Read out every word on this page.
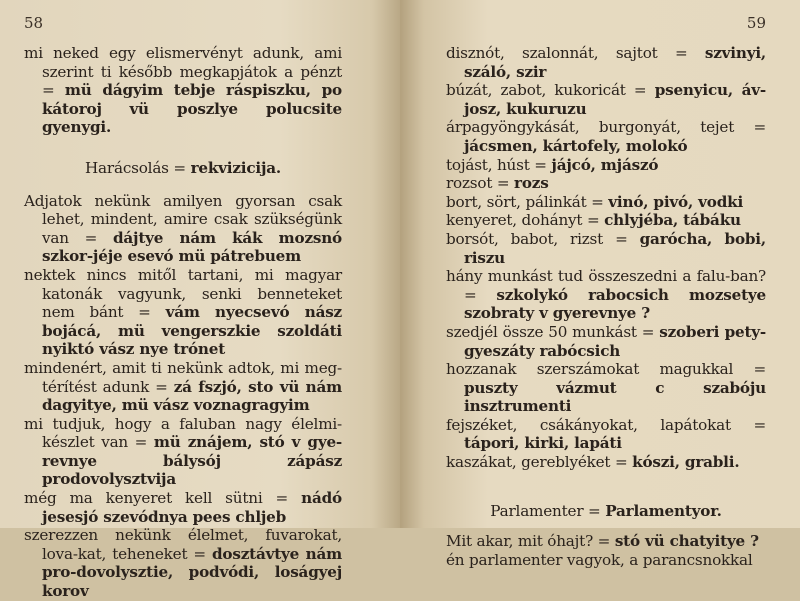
58
mi neked egy elismervényt adunk, ami szerint ti később megkapjátok a pénzt = mü dágyim tebje ráspiszku, po kátoroj vü poszlye polucsite gyenygi.
Harácsolás = rekvizicija.
Adjatok nekünk amilyen gyorsan csak lehet, mindent, amire csak szükségünk van = dájtye nám kák mozsnó szkor-jéje esevó mü pátrebuem
nektek nincs mitől tartani, mi magyar katonák vagyunk, senki benneteket nem bánt = vám nyecsevó nász bojácá, mü vengerszkie szoldáti nyiktó vász nye trónet
mindenért, amit ti nekünk adtok, mi meg-térítést adunk = zá fszjó, sto vü nám dagyitye, mü vász voznagragyim
mi tudjuk, hogy a faluban nagy élelmi-készlet van = mü znájem, stó v gye-revnye bálysój zápász prodovolysztvija
még ma kenyeret kell sütni = nádó jesesjó szevódnya pees chljeb
szerezzen nekünk élelmet, fuvarokat, lova-kat, teheneket = dosztávtye nám pro-dovolysztie, podvódi, loságyej korov
59
disznót, szalonnát, sajtot = szvinyi, száló, szir
búzát, zabot, kukoricát = psenyicu, áv-josz, kukuruzu
árpagyöngykását, burgonyát, tejet = jácsmen, kártofely, molokó
tojást, húst = jájcó, mjászó
rozsot = rozs
bort, sört, pálinkát = vinó, pivó, vodki
kenyeret, dohányt = chlyjéba, tábáku
borsót, babot, rizst = garócha, bobi, riszu
hány munkást tud összeszedni a falu-ban? = szkolykó rabocsich mozsetye szobraty v gyerevnye ?
szedjél össze 50 munkást = szoberi pety-gyeszáty rabócsich
hozzanak szerszámokat magukkal = puszty vázmut c szabóju insztrumenti
fejszéket, csákányokat, lapátokat = tápori, kirki, lapáti
kaszákat, gereblyéket = kószi, grabli.
Parlamenter = Parlamentyor.
Mit akar, mit óhajt? = stó vü chatyitye ?
én parlamenter vagyok, a parancsnokkal
